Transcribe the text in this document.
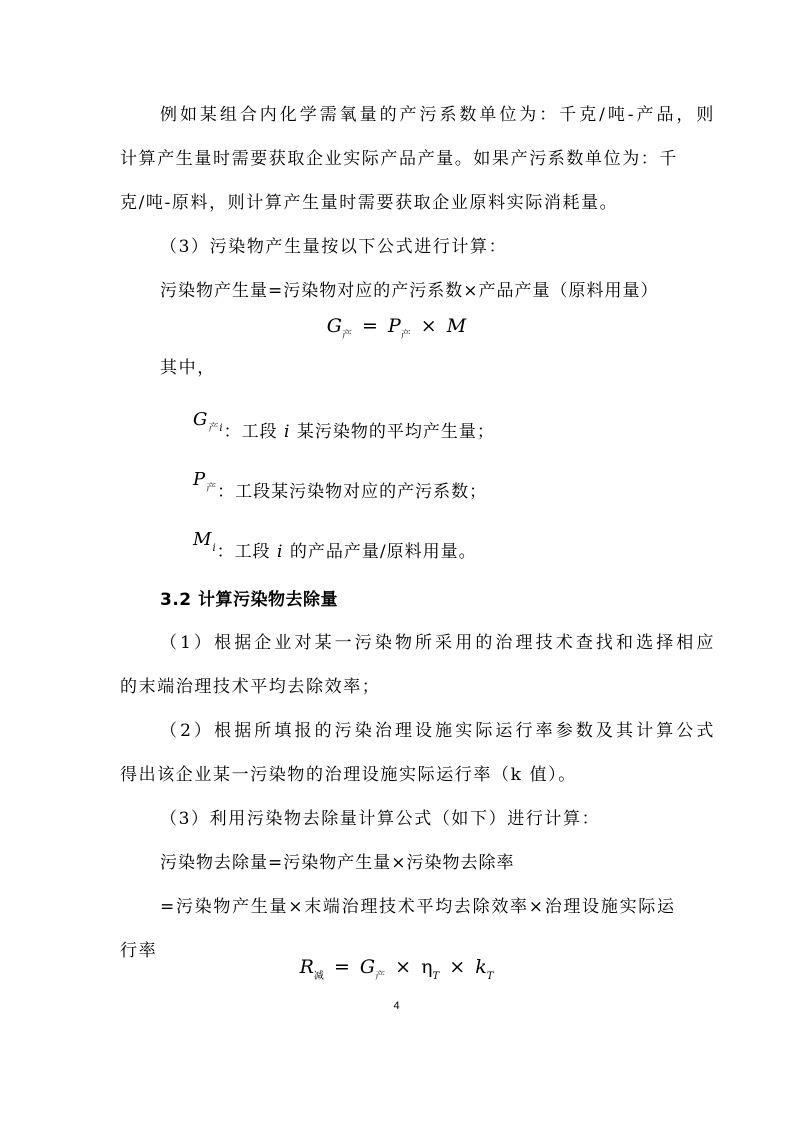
例如某组合内化学需氧量的产污系数单位为：千克/吨-产品，则
计算产生量时需要获取企业实际产品产量。如果产污系数单位为：千
克/吨-原料，则计算产生量时需要获取企业原料实际消耗量。
（3）污染物产生量按以下公式进行计算：
污染物产生量=污染物对应的产污系数×产品产量（原料用量）
$G_产 = P_产 \times M$
其中，
$G_{产i}$：工段 i 某污染物的平均产生量；
$P_产$：工段某污染物对应的产污系数；
$M_i$：工段 i 的产品产量/原料用量。
3.2 计算污染物去除量
（1）根据企业对某一污染物所采用的治理技术查找和选择相应
的末端治理技术平均去除效率；
（2）根据所填报的污染治理设施实际运行率参数及其计算公式
得出该企业某一污染物的治理设施实际运行率（k 值）。
（3）利用污染物去除量计算公式（如下）进行计算：
污染物去除量=污染物产生量×污染物去除率
=污染物产生量×末端治理技术平均去除效率×治理设施实际运
行率
$R_减 = G_产 \times \eta_T \times k_T$
4
